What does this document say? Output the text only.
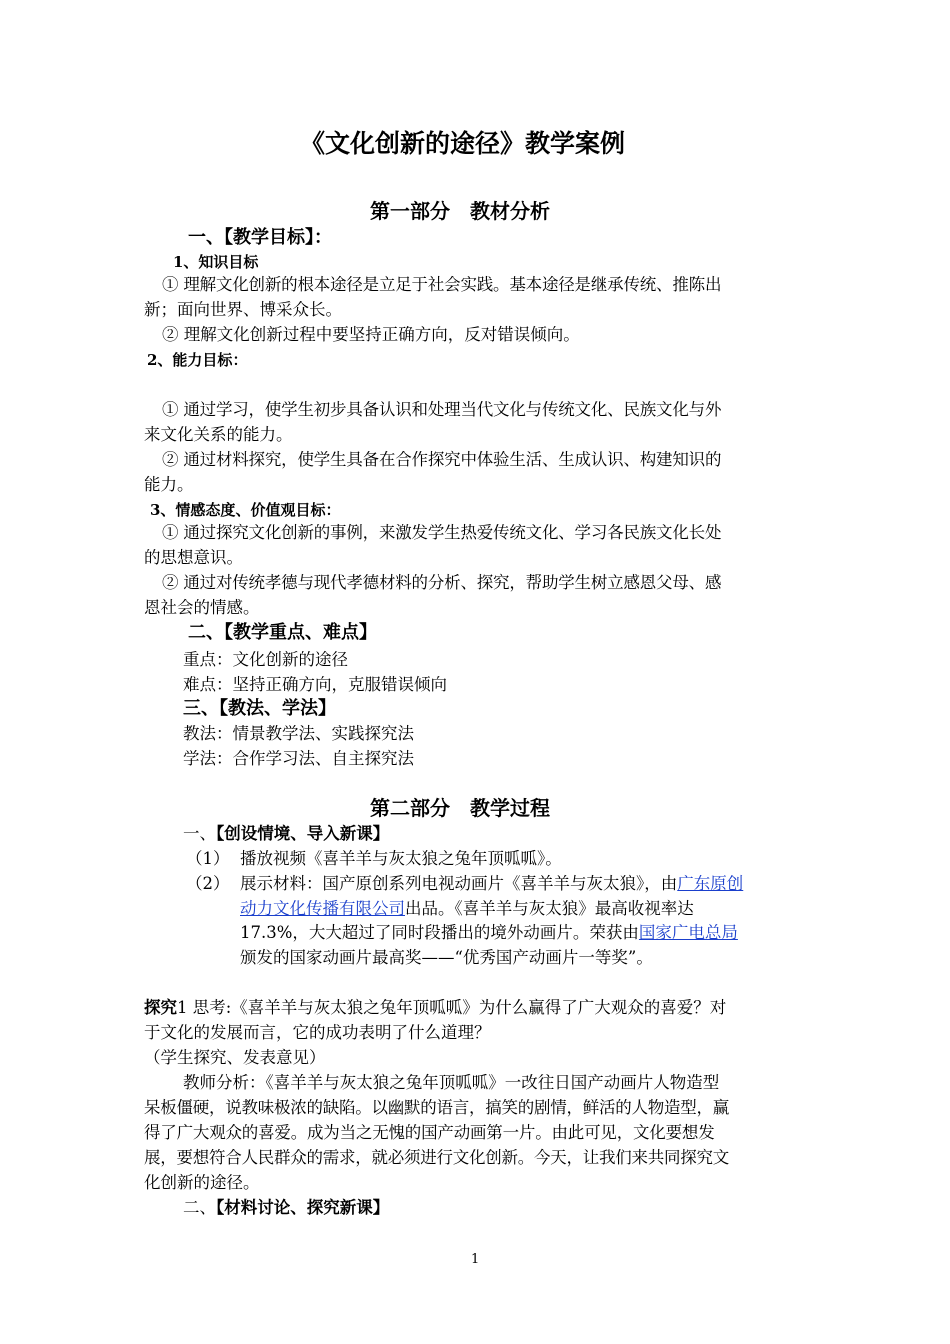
《文化创新的途径》教学案例
第一部分　教材分析
一、【教学目标】：
1、知识目标
① 理解文化创新的根本途径是立足于社会实践。基本途径是继承传统、推陈出
新；面向世界、博采众长。
② 理解文化创新过程中要坚持正确方向，反对错误倾向。
2、能力目标：
① 通过学习，使学生初步具备认识和处理当代文化与传统文化、民族文化与外
来文化关系的能力。
② 通过材料探究，使学生具备在合作探究中体验生活、生成认识、构建知识的
能力。
3、情感态度、价值观目标：
① 通过探究文化创新的事例，来激发学生热爱传统文化、学习各民族文化长处
的思想意识。
② 通过对传统孝德与现代孝德材料的分析、探究，帮助学生树立感恩父母、感
恩社会的情感。
二、【教学重点、难点】
重点：文化创新的途径
难点：坚持正确方向，克服错误倾向
三、【教法、学法】
教法：情景教学法、实践探究法
学法：合作学习法、自主探究法
第二部分　教学过程
一、【创设情境、导入新课】
（1） 播放视频《喜羊羊与灰太狼之兔年顶呱呱》。
（2） 展示材料：国产原创系列电视动画片《喜羊羊与灰太狼》，由广东原创
动力文化传播有限公司出品。《喜羊羊与灰太狼》最高收视率达
17.3%，大大超过了同时段播出的境外动画片。荣获由国家广电总局
颁发的国家动画片最高奖——“优秀国产动画片一等奖”。
探究1 思考:《喜羊羊与灰太狼之兔年顶呱呱》为什么赢得了广大观众的喜爱？对
于文化的发展而言，它的成功表明了什么道理？
（学生探究、发表意见）
教师分析：《喜羊羊与灰太狼之兔年顶呱呱》一改往日国产动画片人物造型
呆板僵硬，说教味极浓的缺陷。以幽默的语言，搞笑的剧情，鲜活的人物造型，赢
得了广大观众的喜爱。成为当之无愧的国产动画第一片。由此可见，文化要想发
展，要想符合人民群众的需求，就必须进行文化创新。今天，让我们来共同探究文
化创新的途径。
二、【材料讨论、探究新课】
1
